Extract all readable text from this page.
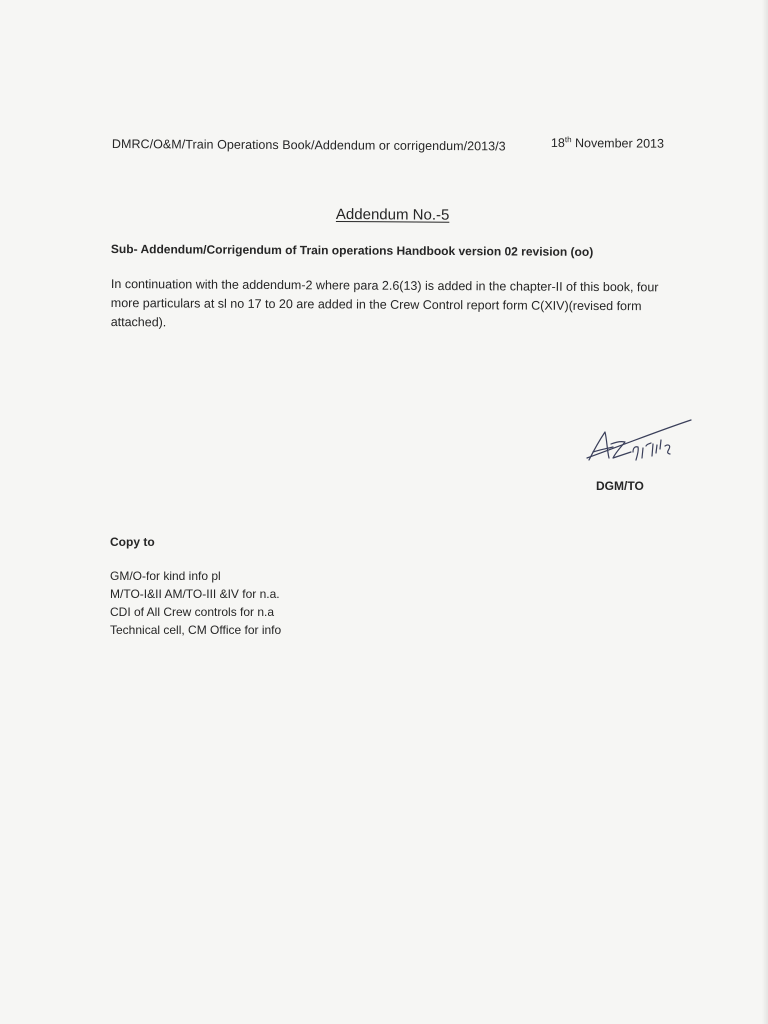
DMRC/O&M/Train Operations Book/Addendum or corrigendum/2013/3	18th November 2013
Addendum No.-5
Sub- Addendum/Corrigendum of Train operations Handbook version 02 revision (oo)
In continuation with the addendum-2 where para 2.6(13) is added in the chapter-II of this book, four
more particulars at sl no 17 to 20 are added in the Crew Control report form C(XIV)(revised form
attached).
DGM/TO
Copy to
GM/O-for kind info pl
M/TO-I&II AM/TO-III &IV for n.a.
CDI of All Crew controls for n.a
Technical cell, CM Office for info
